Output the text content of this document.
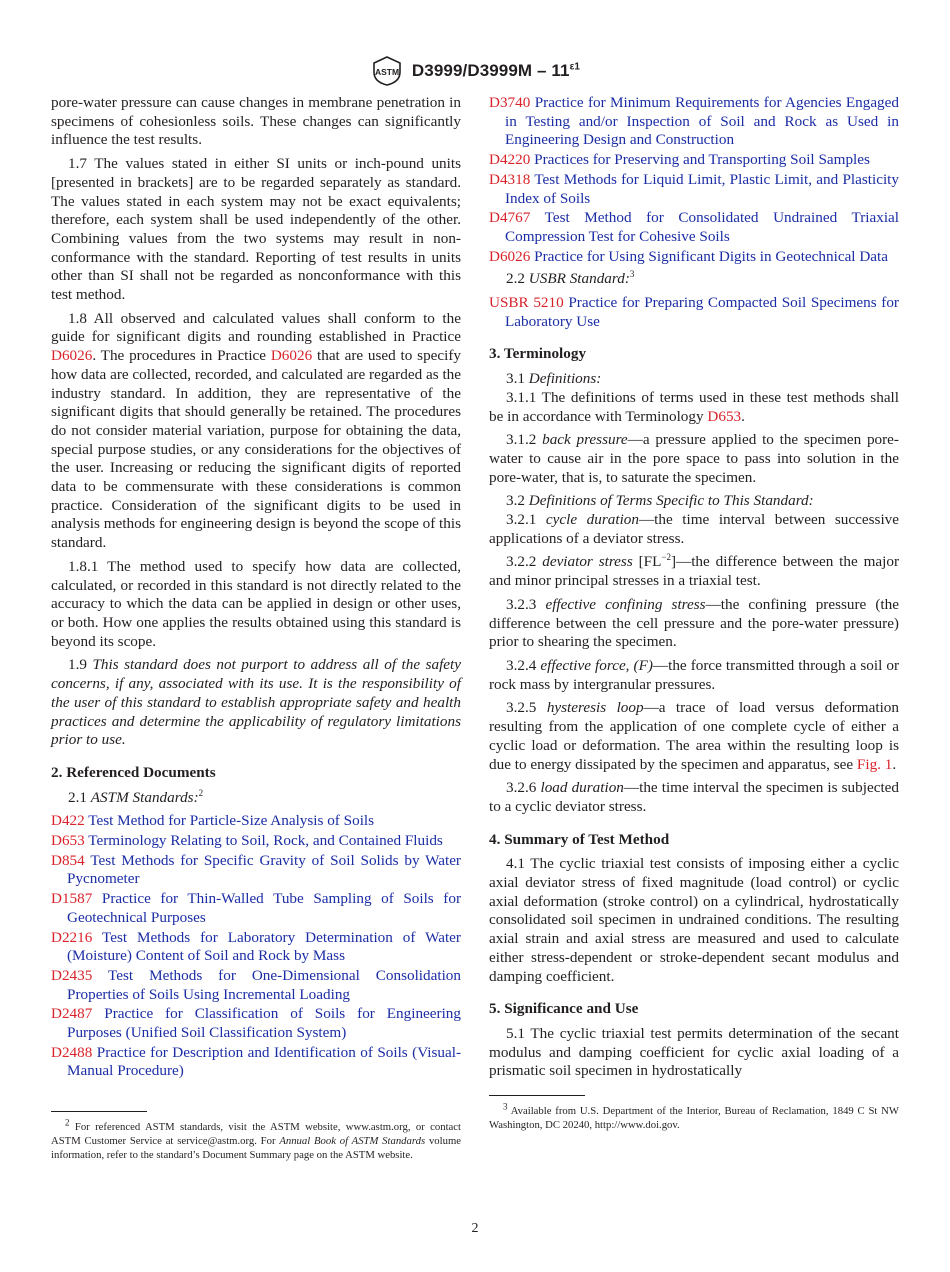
ASTM $D3999/D3999M - 11^{\varepsilon 1}$

pore-water pressure can cause changes in membrane penetration in specimens of cohesionless soils. These changes can significantly influence the test results.

1.7 The values stated in either SI units or inch-pound units [presented in brackets] are to be regarded separately as standard. The values stated in each system may not be exact equivalents; therefore, each system shall be used independently of the other. Combining values from the two systems may result in non-conformance with the standard. Reporting of test results in units other than SI shall not be regarded as nonconformance with this test method.

1.8 All observed and calculated values shall conform to the guide for significant digits and rounding established in Practice D6026. The procedures in Practice D6026 that are used to specify how data are collected, recorded, and calculated are regarded as the industry standard. In addition, they are representative of the significant digits that should generally be retained. The procedures do not consider material variation, purpose for obtaining the data, special purpose studies, or any considerations for the objectives of the user. Increasing or reducing the significant digits of reported data to be commensurate with these considerations is common practice. Consideration of the significant digits to be used in analysis methods for engineering design is beyond the scope of this standard.

1.8.1 The method used to specify how data are collected, calculated, or recorded in this standard is not directly related to the accuracy to which the data can be applied in design or other uses, or both. How one applies the results obtained using this standard is beyond its scope.

1.9 This standard does not purport to address all of the safety concerns, if any, associated with its use. It is the responsibility of the user of this standard to establish appropriate safety and health practices and determine the applicability of regulatory limitations prior to use.

2. Referenced Documents

2.1 ASTM Standards:$^2$

D422 Test Method for Particle-Size Analysis of Soils
D653 Terminology Relating to Soil, Rock, and Contained Fluids
D854 Test Methods for Specific Gravity of Soil Solids by Water Pycnometer
D1587 Practice for Thin-Walled Tube Sampling of Soils for Geotechnical Purposes
D2216 Test Methods for Laboratory Determination of Water (Moisture) Content of Soil and Rock by Mass
D2435 Test Methods for One-Dimensional Consolidation Properties of Soils Using Incremental Loading
D2487 Practice for Classification of Soils for Engineering Purposes (Unified Soil Classification System)
D2488 Practice for Description and Identification of Soils (Visual-Manual Procedure)

$^2$ For referenced ASTM standards, visit the ASTM website, www.astm.org, or contact ASTM Customer Service at service@astm.org. For Annual Book of ASTM Standards volume information, refer to the standard’s Document Summary page on the ASTM website.

D3740 Practice for Minimum Requirements for Agencies Engaged in Testing and/or Inspection of Soil and Rock as Used in Engineering Design and Construction
D4220 Practices for Preserving and Transporting Soil Samples
D4318 Test Methods for Liquid Limit, Plastic Limit, and Plasticity Index of Soils
D4767 Test Method for Consolidated Undrained Triaxial Compression Test for Cohesive Soils
D6026 Practice for Using Significant Digits in Geotechnical Data

2.2 USBR Standard:$^3$

USBR 5210 Practice for Preparing Compacted Soil Specimens for Laboratory Use
3. Terminology

3.1 Definitions:

3.1.1 The definitions of terms used in these test methods shall be in accordance with Terminology D653.

3.1.2 back pressure—a pressure applied to the specimen pore-water to cause air in the pore space to pass into solution in the pore-water, that is, to saturate the specimen.

3.2 Definitions of Terms Specific to This Standard:

3.2.1 cycle duration—the time interval between successive applications of a deviator stress.

3.2.2 deviator stress $[FL^{-2}]—the$ difference between the major and minor principal stresses in a triaxial test.

3.2.3 effective confining stress—the confining pressure (the difference between the cell pressure and the pore-water pressure) prior to shearing the specimen.

3.2.4 effective force, (F)—the force transmitted through a soil or rock mass by intergranular pressures.

3.2.5 hysteresis loop—a trace of load versus deformation resulting from the application of one complete cycle of either a cyclic load or deformation. The area within the resulting loop is due to energy dissipated by the specimen and apparatus, see Fig. 1.

3.2.6 load duration—the time interval the specimen is subjected to a cyclic deviator stress.

4. Summary of Test Method

4.1 The cyclic triaxial test consists of imposing either a cyclic axial deviator stress of fixed magnitude (load control) or cyclic axial deformation (stroke control) on a cylindrical, hydrostatically consolidated soil specimen in undrained conditions. The resulting axial strain and axial stress are measured and used to calculate either stress-dependent or stroke-dependent secant modulus and damping coefficient.

5. Significance and Use

5.1 The cyclic triaxial test permits determination of the secant modulus and damping coefficient for cyclic axial loading of a prismatic soil specimen in hydrostatically

$^3$ Available from U.S. Department of the Interior, Bureau of Reclamation, 1849 C St NW Washington, DC 20240, http://www.doi.gov.

2
